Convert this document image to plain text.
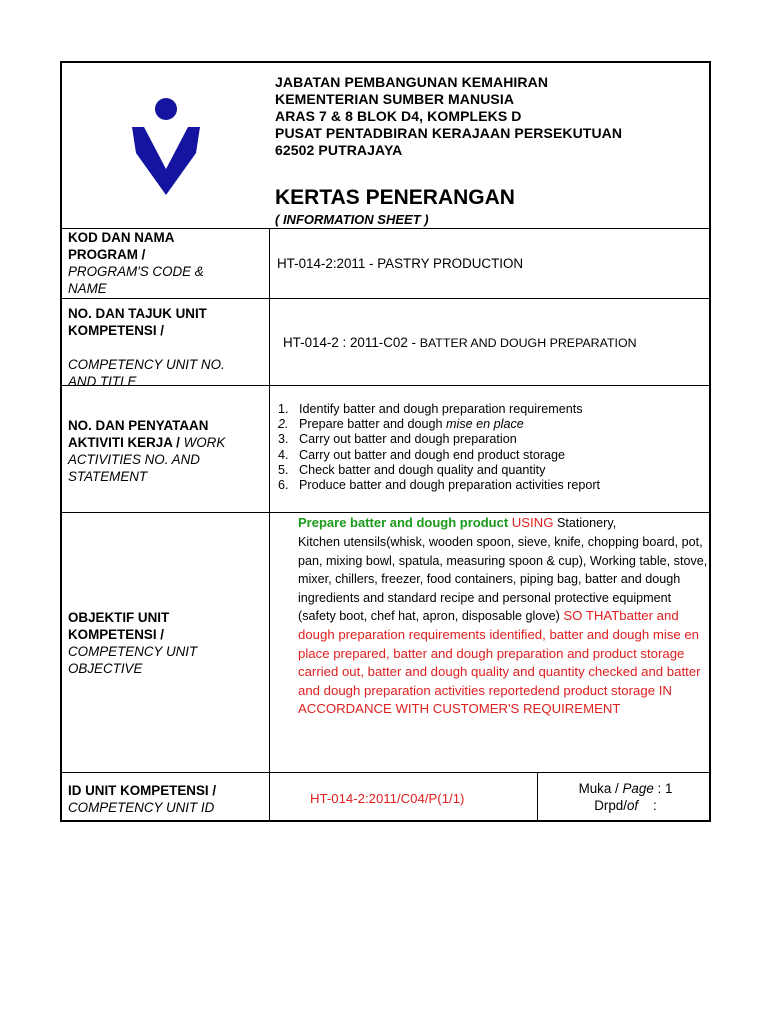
JABATAN PEMBANGUNAN KEMAHIRAN
KEMENTERIAN SUMBER MANUSIA
ARAS 7 & 8 BLOK D4, KOMPLEKS D
PUSAT PENTADBIRAN KERAJAAN PERSEKUTUAN
62502 PUTRAJAYA
KERTAS PENERANGAN
( INFORMATION SHEET )
KOD DAN NAMA PROGRAM / PROGRAM'S CODE & NAME
HT-014-2:2011 - PASTRY PRODUCTION
NO. DAN TAJUK UNIT KOMPETENSI /
COMPETENCY UNIT NO. AND TITLE
HT-014-2 : 2011-C02 - BATTER AND DOUGH PREPARATION
NO. DAN PENYATAAN AKTIVITI KERJA / WORK ACTIVITIES NO. AND STATEMENT
1. Identify batter and dough preparation requirements
2. Prepare batter and dough mise en place
3. Carry out batter and dough preparation
4. Carry out batter and dough end product storage
5. Check batter and dough quality and quantity
6. Produce batter and dough preparation activities report
OBJEKTIF UNIT KOMPETENSI / COMPETENCY UNIT OBJECTIVE
Prepare batter and dough product USING Stationery,
Kitchen utensils(whisk, wooden spoon, sieve, knife, chopping board, pot, pan, mixing bowl, spatula, measuring spoon & cup), Working table, stove, mixer, chillers, freezer, food containers, piping bag, batter and dough ingredients and standard recipe and personal protective equipment (safety boot, chef hat, apron, disposable glove) SO THATbatter and dough preparation requirements identified, batter and dough mise en place prepared, batter and dough preparation and product storage carried out, batter and dough quality and quantity checked and batter and dough preparation activities reportedend product storage IN ACCORDANCE WITH CUSTOMER'S REQUIREMENT
ID UNIT KOMPETENSI /
COMPETENCY UNIT ID
HT-014-2:2011/C04/P(1/1)
Muka / Page : 1
Drpd/of    :
